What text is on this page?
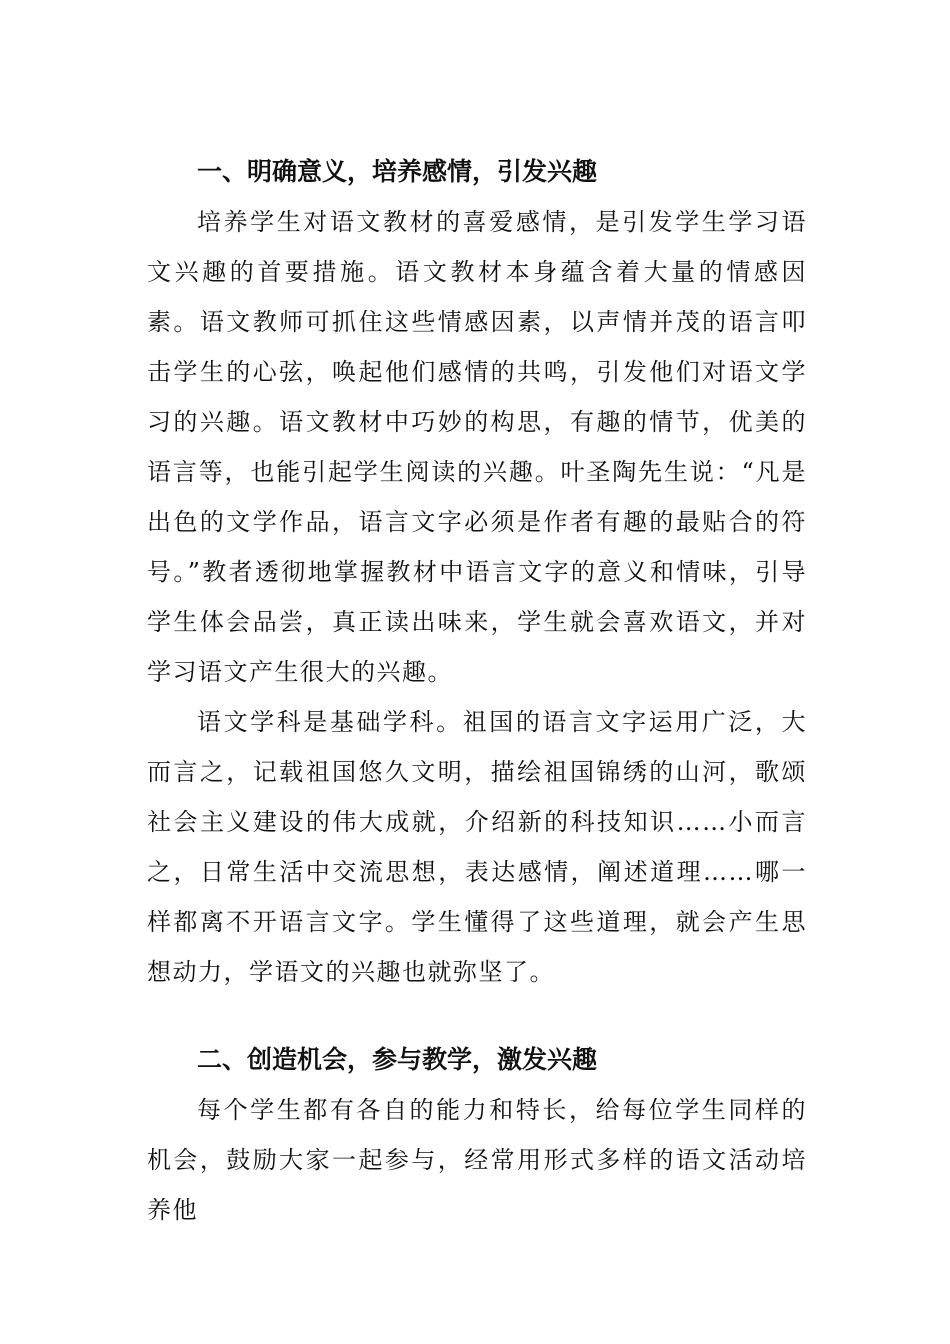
一、明确意义，培养感情，引发兴趣

培养学生对语文教材的喜爱感情，是引发学生学习语文兴趣的首要措施。语文教材本身蕴含着大量的情感因素。语文教师可抓住这些情感因素，以声情并茂的语言叩击学生的心弦，唤起他们感情的共鸣，引发他们对语文学习的兴趣。语文教材中巧妙的构思，有趣的情节，优美的语言等，也能引起学生阅读的兴趣。叶圣陶先生说：“凡是出色的文学作品，语言文字必须是作者有趣的最贴合的符号。”教者透彻地掌握教材中语言文字的意义和情味，引导学生体会品尝，真正读出味来，学生就会喜欢语文，并对学习语文产生很大的兴趣。

语文学科是基础学科。祖国的语言文字运用广泛，大而言之，记载祖国悠久文明，描绘祖国锦绣的山河，歌颂社会主义建设的伟大成就，介绍新的科技知识……小而言之，日常生活中交流思想，表达感情，阐述道理……哪一样都离不开语言文字。学生懂得了这些道理，就会产生思想动力，学语文的兴趣也就弥坚了。

二、创造机会，参与教学，激发兴趣

每个学生都有各自的能力和特长，给每位学生同样的机会，鼓励大家一起参与，经常用形式多样的语文活动培养他
